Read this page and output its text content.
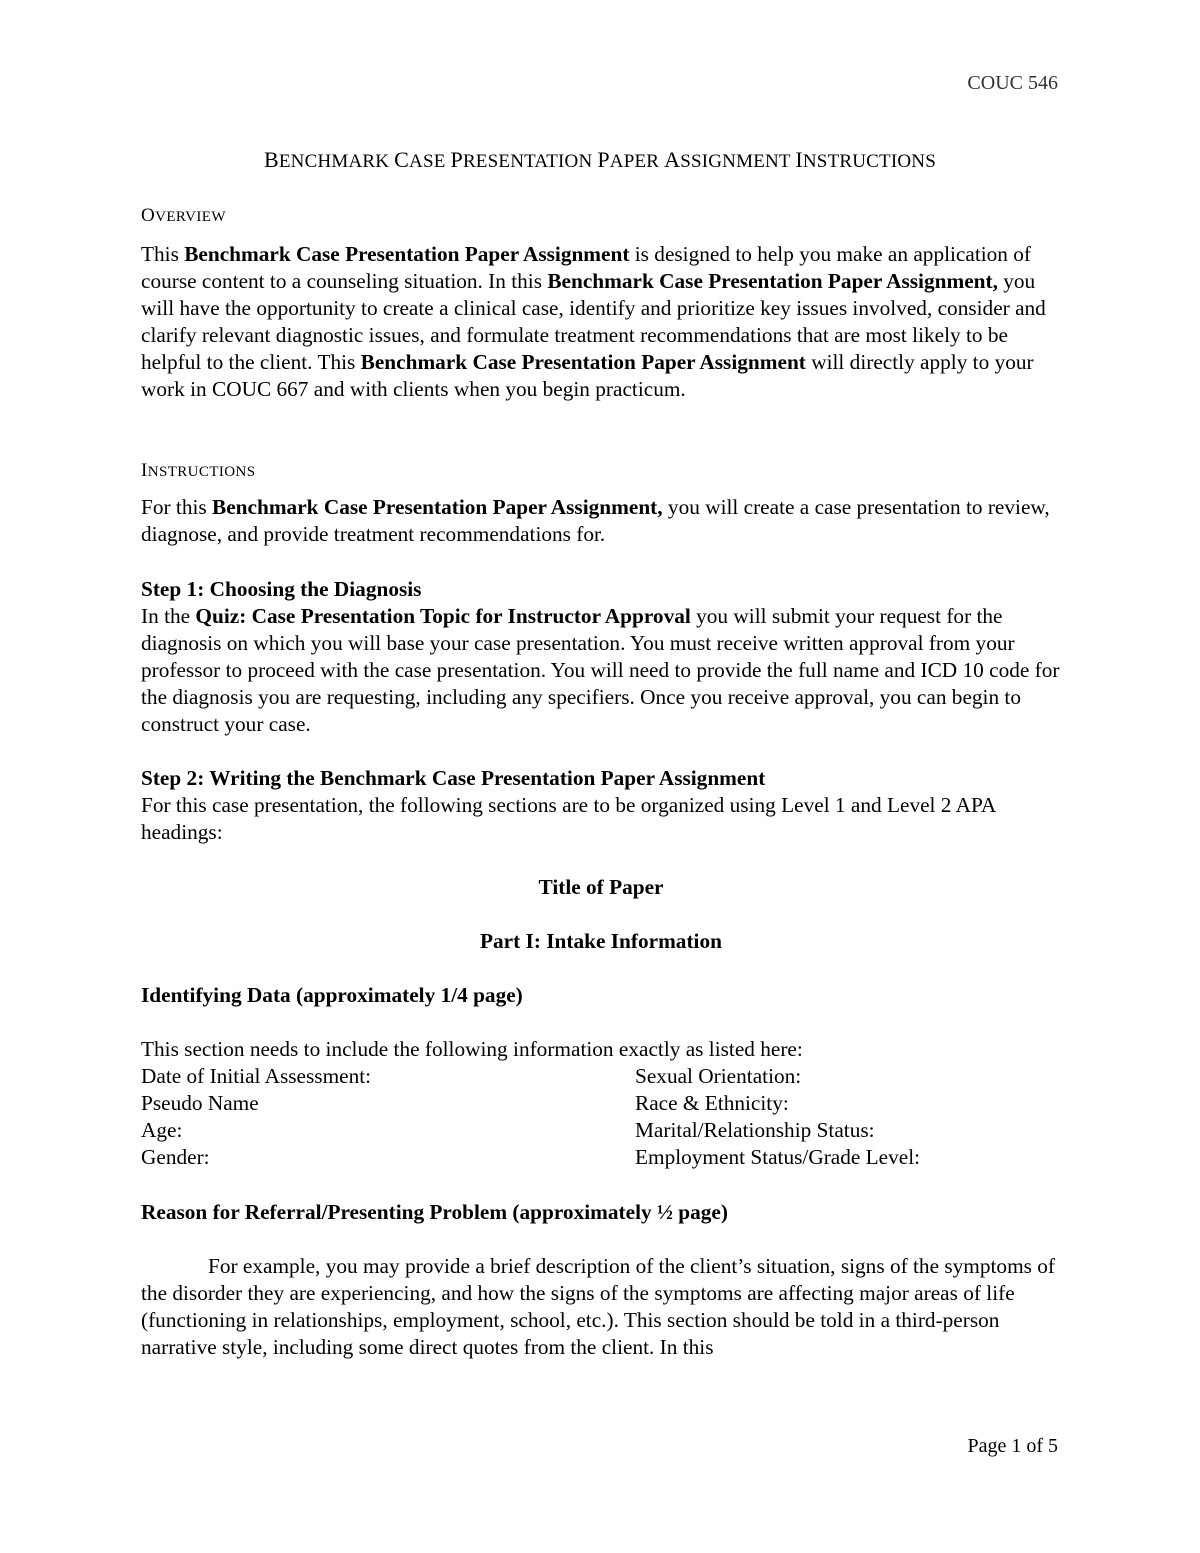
COUC 546
BENCHMARK CASE PRESENTATION PAPER ASSIGNMENT INSTRUCTIONS
OVERVIEW

This Benchmark Case Presentation Paper Assignment is designed to help you make an application of course content to a counseling situation. In this Benchmark Case Presentation Paper Assignment, you will have the opportunity to create a clinical case, identify and prioritize key issues involved, consider and clarify relevant diagnostic issues, and formulate treatment recommendations that are most likely to be helpful to the client. This Benchmark Case Presentation Paper Assignment will directly apply to your work in COUC 667 and with clients when you begin practicum.

INSTRUCTIONS

For this Benchmark Case Presentation Paper Assignment, you will create a case presentation to review, diagnose, and provide treatment recommendations for.

Step 1: Choosing the Diagnosis

In the Quiz: Case Presentation Topic for Instructor Approval you will submit your request for the diagnosis on which you will base your case presentation. You must receive written approval from your professor to proceed with the case presentation. You will need to provide the full name and ICD 10 code for the diagnosis you are requesting, including any specifiers. Once you receive approval, you can begin to construct your case.

Step 2: Writing the Benchmark Case Presentation Paper Assignment

For this case presentation, the following sections are to be organized using Level 1 and Level 2 APA headings:

Title of Paper

Part I: Intake Information

Identifying Data (approximately 1/4 page)

This section needs to include the following information exactly as listed here:

Date of Initial Assessment:	Sexual Orientation:
Pseudo Name	Race & Ethnicity:
Age:	Marital/Relationship Status:
Gender:	Employment Status/Grade Level:

Reason for Referral/Presenting Problem (approximately ½ page)

For example, you may provide a brief description of the client’s situation, signs of the symptoms of the disorder they are experiencing, and how the signs of the symptoms are affecting major areas of life (functioning in relationships, employment, school, etc.). This section should be told in a third-person narrative style, including some direct quotes from the client. In this

Page 1 of 5
